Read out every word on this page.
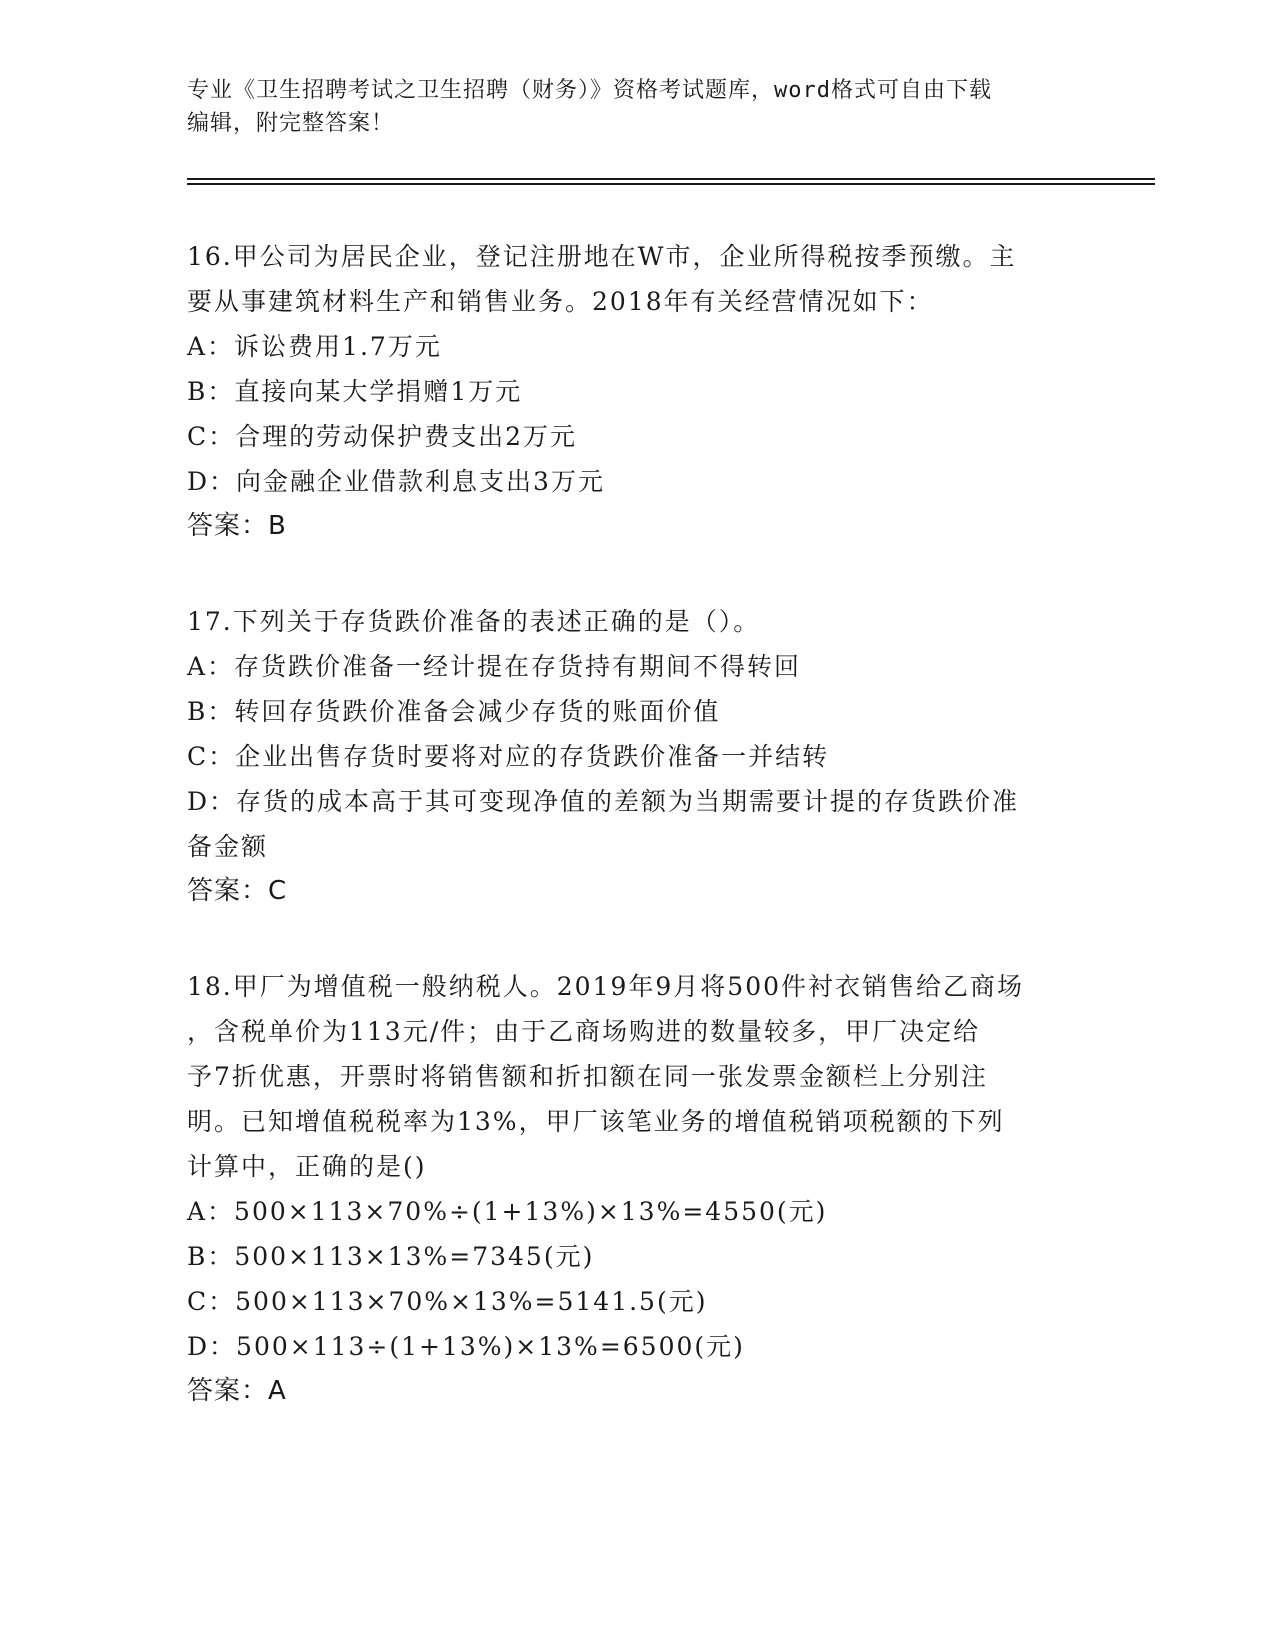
专业《卫生招聘考试之卫生招聘（财务）》资格考试题库，word格式可自由下载
编辑，附完整答案！
16.甲公司为居民企业，登记注册地在W市，企业所得税按季预缴。主
要从事建筑材料生产和销售业务。2018年有关经营情况如下：
A：诉讼费用1.7万元
B：直接向某大学捐赠1万元
C：合理的劳动保护费支出2万元
D：向金融企业借款利息支出3万元
答案：B
17.下列关于存货跌价准备的表述正确的是（）。
A：存货跌价准备一经计提在存货持有期间不得转回
B：转回存货跌价准备会减少存货的账面价值
C：企业出售存货时要将对应的存货跌价准备一并结转
D：存货的成本高于其可变现净值的差额为当期需要计提的存货跌价准
备金额
答案：C
18.甲厂为增值税一般纳税人。2019年9月将500件衬衣销售给乙商场
，含税单价为113元/件；由于乙商场购进的数量较多，甲厂决定给
予7折优惠，开票时将销售额和折扣额在同一张发票金额栏上分别注
明。已知增值税税率为13%，甲厂该笔业务的增值税销项税额的下列
计算中，正确的是()
A：500×113×70%÷(1+13%)×13%=4550(元)
B：500×113×13%=7345(元)
C：500×113×70%×13%=5141.5(元)
D：500×113÷(1+13%)×13%=6500(元)
答案：A
